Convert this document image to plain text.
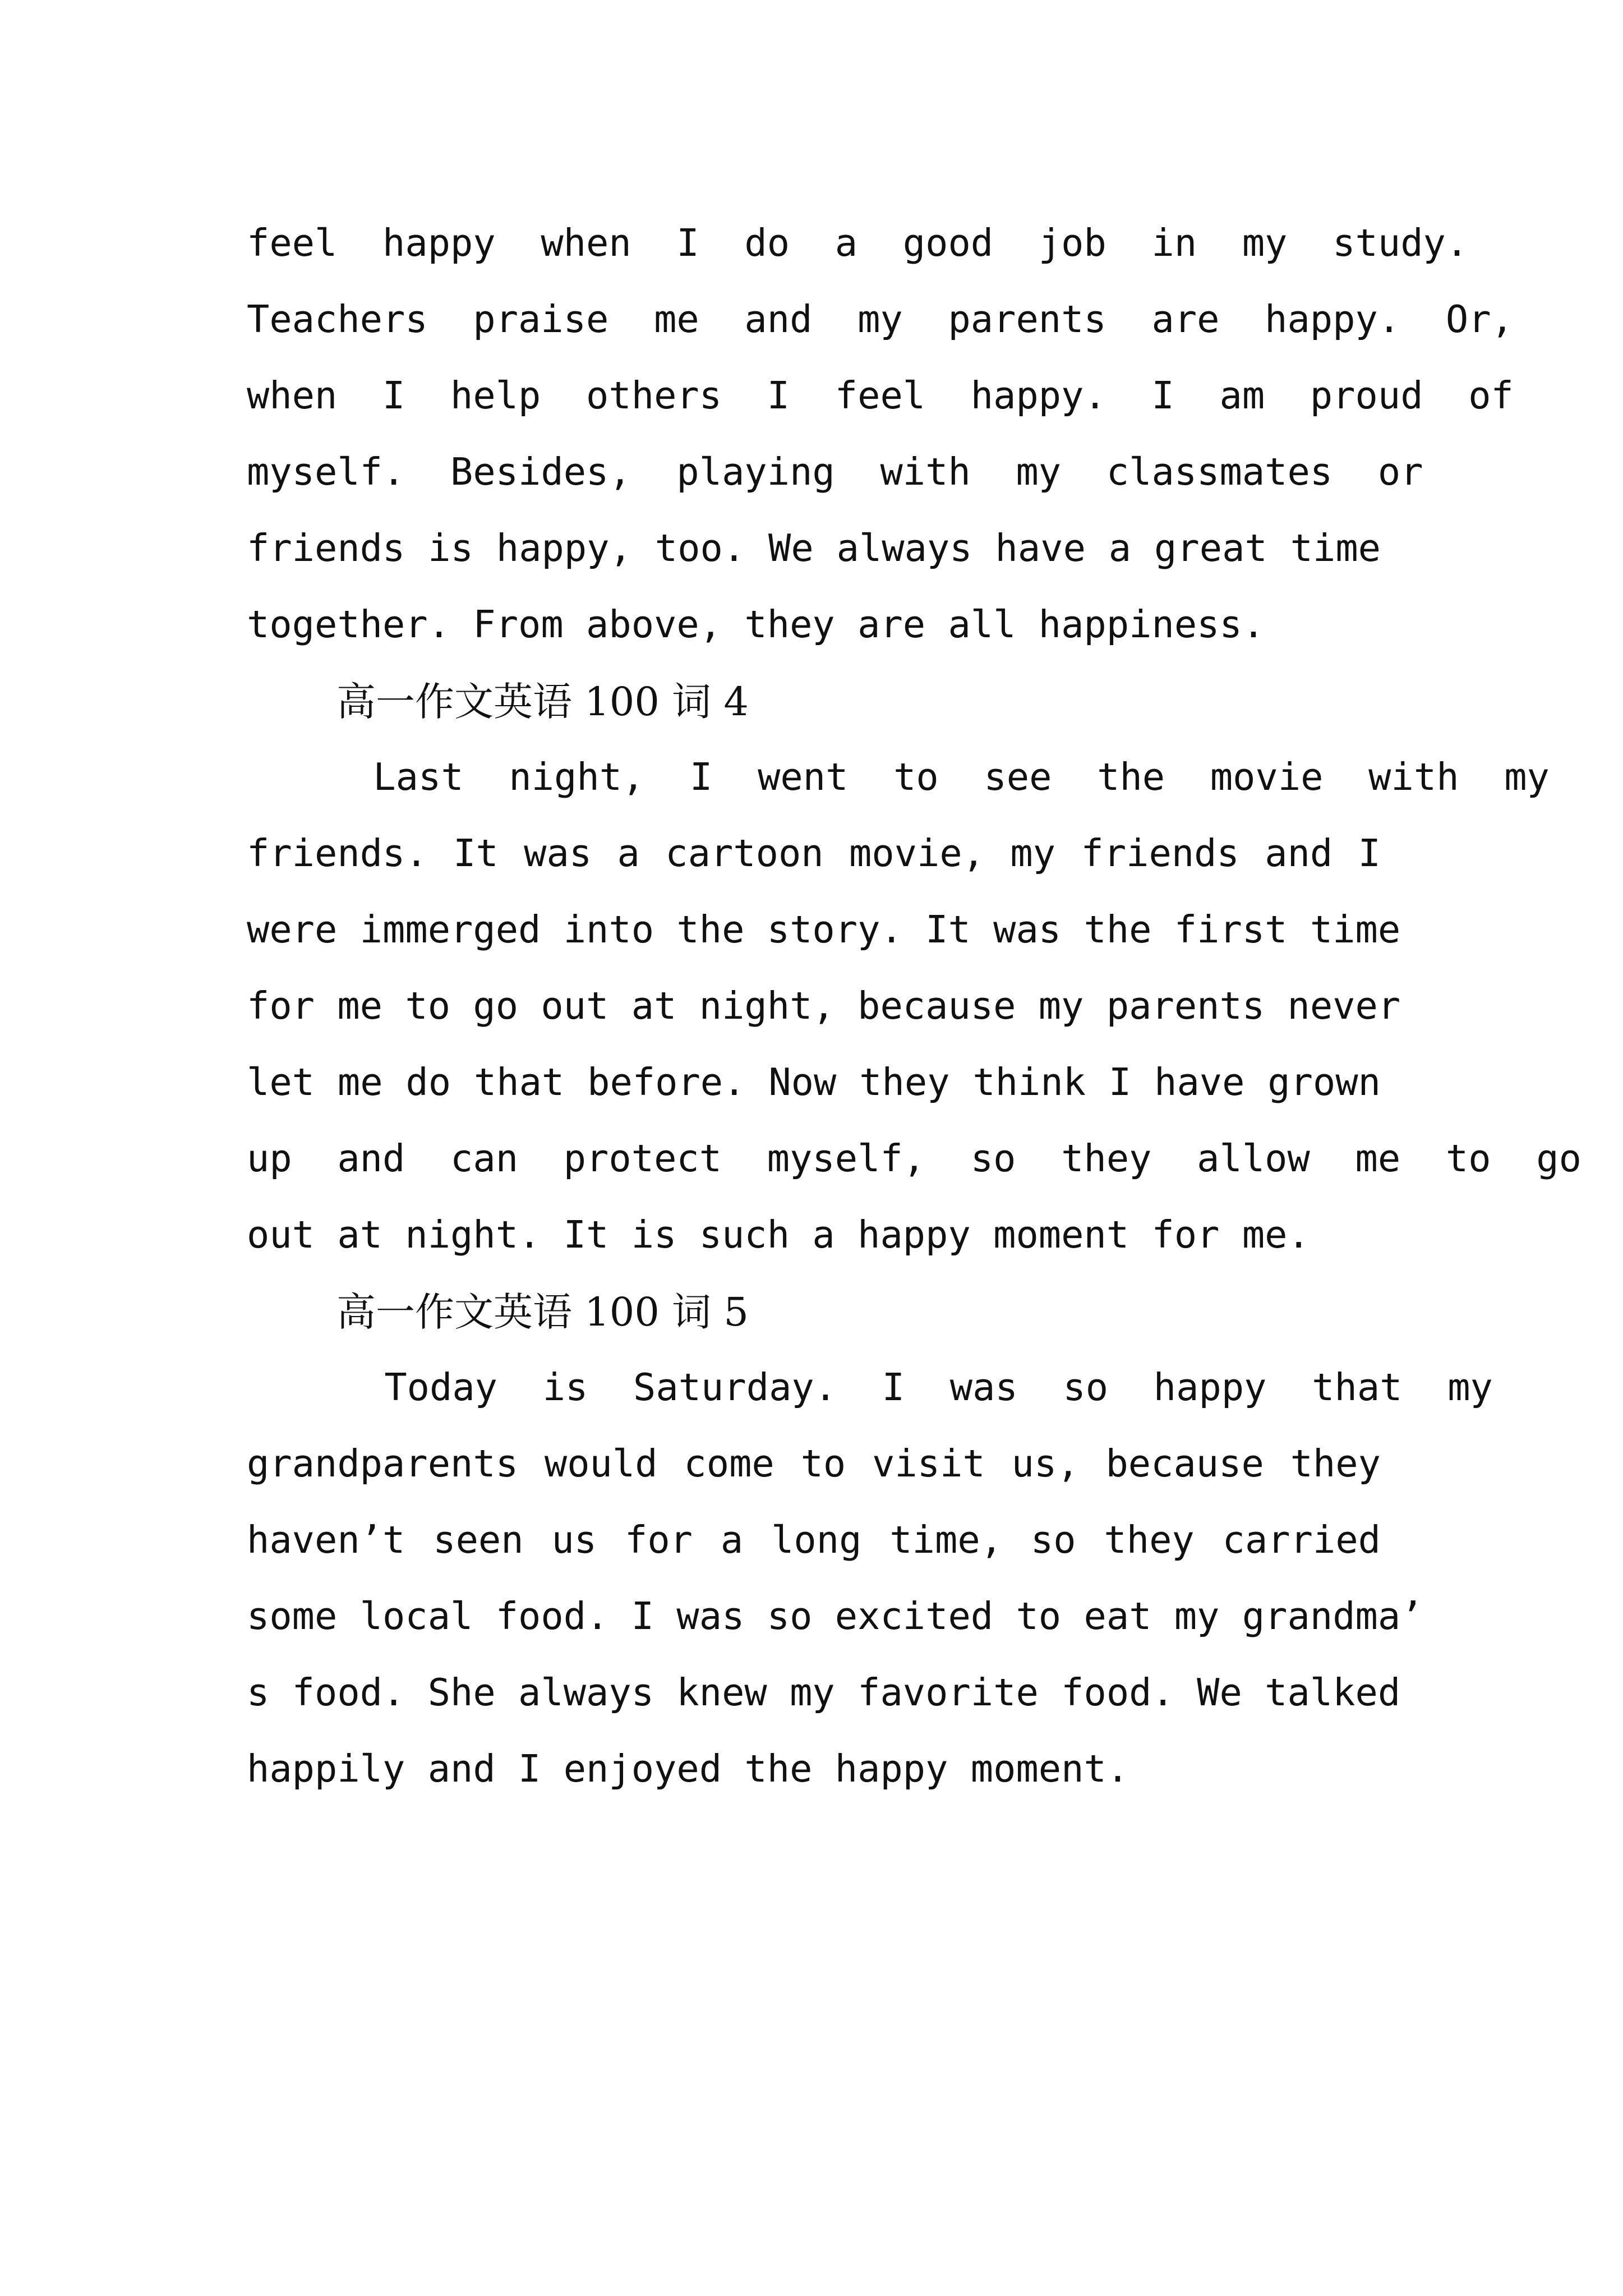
feel  happy  when  I  do  a  good  job  in  my  study.
Teachers  praise  me  and  my  parents  are  happy.  Or,
when  I  help  others  I  feel  happy.  I  am  proud  of
myself.  Besides,  playing  with  my  classmates  or
friends is happy, too. We always have a great time
together. From above, they are all happiness.
高一作文英语 100 词 4
Last  night,  I  went  to  see  the  movie  with  my
friends. It was a cartoon movie, my friends and I
were immerged into the story. It was the first time
for me to go out at night, because my parents never
let me do that before. Now they think I have grown
up  and  can  protect  myself,  so  they  allow  me  to  go
out at night. It is such a happy moment for me.
高一作文英语 100 词 5
Today  is  Saturday.  I  was  so  happy  that  my
grandparents would come to visit us, because they
haven’t seen us for a long time, so they carried
some local food. I was so excited to eat my grandma’
s food. She always knew my favorite food. We talked
happily and I enjoyed the happy moment.
